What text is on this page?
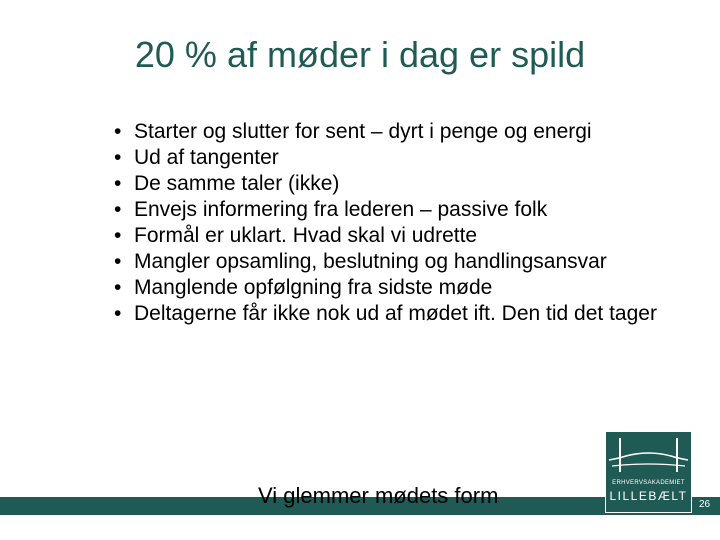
20 % af møder i dag er spild
• Starter og slutter for sent – dyrt i penge og energi
• Ud af tangenter
• De samme taler (ikke)
• Envejs informering fra lederen – passive folk
• Formål er uklart. Hvad skal vi udrette
• Mangler opsamling, beslutning og handlingsansvar
• Manglende opfølgning fra sidste møde
• Deltagerne får ikke nok ud af mødet ift. Den tid det tager
Vi glemmer mødets form	ERHVERVSAKADEMIET
LILLEBÆLT
26
